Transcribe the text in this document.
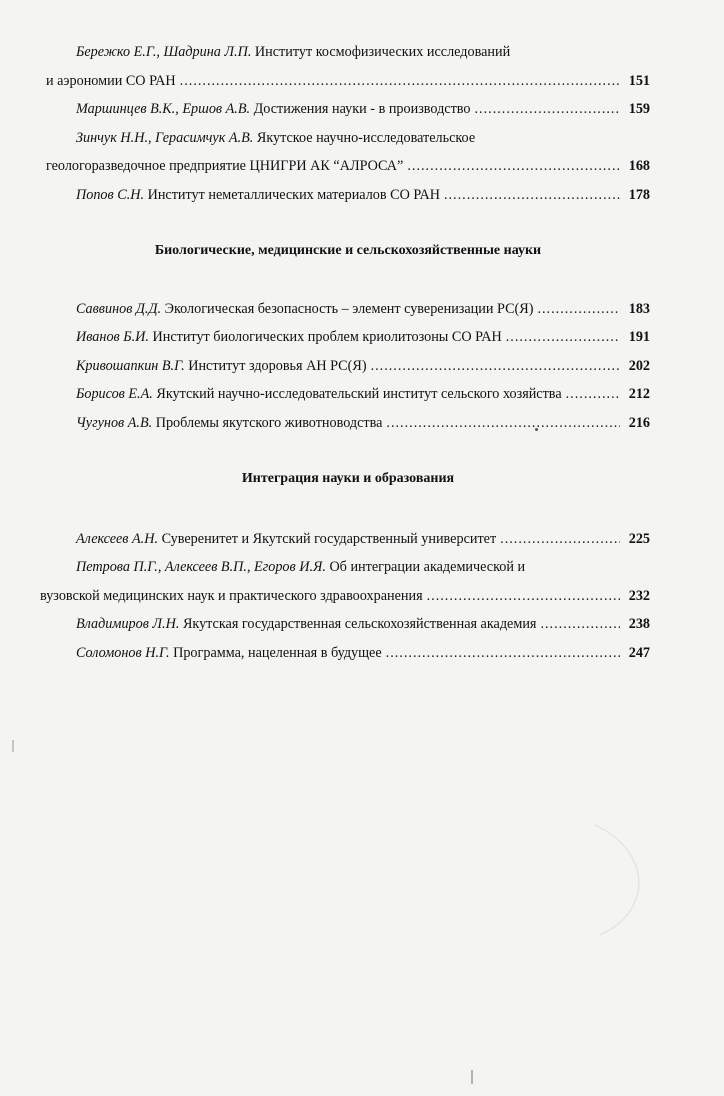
Бережко Е.Г., Шадрина Л.П. Институт космофизических исследований
и аэрономии СО РАН .....	151
Маршинцев В.К., Ершов А.В. Достижения науки - в производство .....	159
Зинчук Н.Н., Герасимчук А.В. Якутское научно-исследовательское
геологоразведочное предприятие ЦНИГРИ АК “АЛРОСА” .....	168
Попов С.Н. Институт неметаллических материалов СО РАН .....	178
Биологические, медицинские и сельскохозяйственные науки
Саввинов Д.Д. Экологическая безопасность – элемент суверенизации РС(Я) .....	183
Иванов Б.И. Институт биологических проблем криолитозоны СО РАН .....	191
Кривошапкин В.Г. Институт здоровья АН РС(Я) .....	202
Борисов Е.А. Якутский научно-исследовательский институт сельского хозяйства .....	212
Чугунов А.В. Проблемы якутского животноводства .....	216
Интеграция науки и образования
Алексеев А.Н. Суверенитет и Якутский государственный университет .....	225
Петрова П.Г., Алексеев В.П., Егоров И.Я. Об интеграции академической и
вузовской медицинских наук и практического здравоохранения .....	232
Владимиров Л.Н. Якутская государственная сельскохозяйственная академия .....	238
Соломонов Н.Г. Программа, нацеленная в будущее .....	247
